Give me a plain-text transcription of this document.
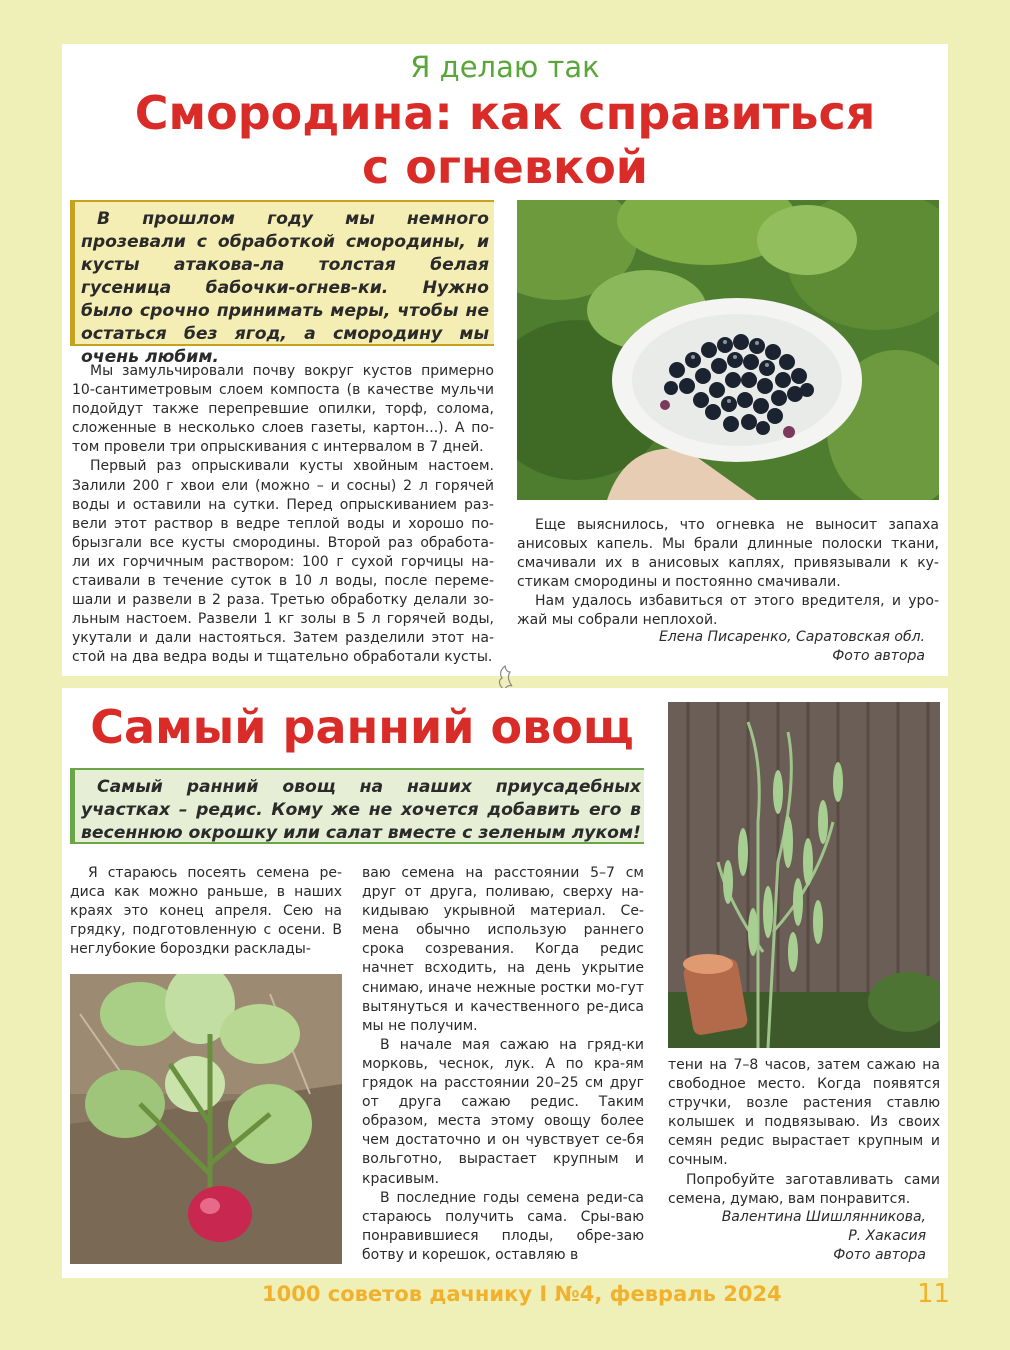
Я делаю так
Смородина: как справиться
с огневкой
В прошлом году мы немного прозевали с обработкой смородины, и кусты атакова-ла толстая белая гусеница бабочки-огнев-ки. Нужно было срочно принимать меры, чтобы не остаться без ягод, а смородину мы очень любим.

Мы замульчировали почву вокруг кустов примерно 10-сантиметровым слоем компоста (в качестве мульчи подойдут также перепревшие опилки, торф, солома, сложенные в несколько слоев газеты, картон...). А по-том провели три опрыскивания с интервалом в 7 дней.

Первый раз опрыскивали кусты хвойным настоем. Залили 200 г хвои ели (можно – и сосны) 2 л горячей воды и оставили на сутки. Перед опрыскиванием раз-вели этот раствор в ведре теплой воды и хорошо по-брызгали все кусты смородины. Второй раз обработа-ли их горчичным раствором: 100 г сухой горчицы на-стаивали в течение суток в 10 л воды, после переме-шали и развели в 2 раза. Третью обработку делали зо-льным настоем. Развели 1 кг золы в 5 л горячей воды, укутали и дали настояться. Затем разделили этот на-стой на два ведра воды и тщательно обработали кусты.

Еще выяснилось, что огневка не выносит запаха анисовых капель. Мы брали длинные полоски ткани, смачивали их в анисовых каплях, привязывали к ку-стикам смородины и постоянно смачивали.

Нам удалось избавиться от этого вредителя, и уро-жай мы собрали неплохой.

Елена Писаренко, Саратовская обл.
Фото автора
Самый ранний овощ
Самый ранний овощ на наших приусадебных участках – редис. Кому же не хочется добавить его в весеннюю окрошку или салат вместе с зеленым луком!

Я стараюсь посеять семена ре-диса как можно раньше, в наших краях это конец апреля. Сею на грядку, подготовленную с осени. В неглубокие бороздки расклады-

ваю семена на расстоянии 5–7 см друг от друга, поливаю, сверху на-кидываю укрывной материал. Се-мена обычно использую раннего срока созревания. Когда редис начнет всходить, на день укрытие снимаю, иначе нежные ростки мо-гут вытянуться и качественного ре-диса мы не получим.

В начале мая сажаю на гряд-ки морковь, чеснок, лук. А по кра-ям грядок на расстоянии 20–25 см друг от друга сажаю редис. Таким образом, места этому овощу более чем достаточно и он чувствует се-бя вольготно, вырастает крупным и красивым.

В последние годы семена реди-са стараюсь получить сама. Сры-ваю понравившиеся плоды, обре-заю ботву и корешок, оставляю в

тени на 7–8 часов, затем сажаю на свободное место. Когда появятся стручки, возле растения ставлю колышек и подвязываю. Из своих семян редис вырастает крупным и сочным.

Попробуйте заготавливать сами семена, думаю, вам понравится.

Валентина Шишлянникова,
Р. Хакасия
Фото автора
1000 советов дачнику I №4, февраль 2024	11
